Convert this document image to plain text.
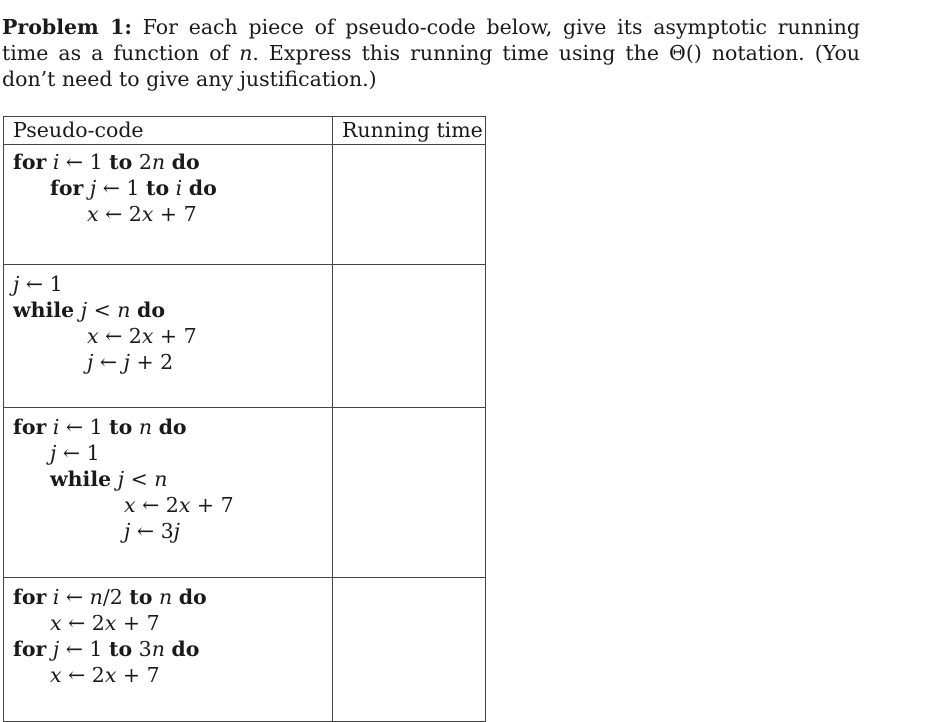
Problem 1: For each piece of pseudo-code below, give its asymptotic running time as a function of n. Express this running time using the Θ() notation. (You don’t need to give any justification.)

Pseudo-code	Running time

for i ← 1 to 2n do
for j ← 1 to i do
x ← 2x + 7	

j ← 1
while j < n do
x ← 2x + 7
j ← j + 2	

for i ← 1 to n do
j ← 1
while j < n
x ← 2x + 7
j ← 3j	

for i ← n/2 to n do
x ← 2x + 7
for j ← 1 to 3n do
x ← 2x + 7	
